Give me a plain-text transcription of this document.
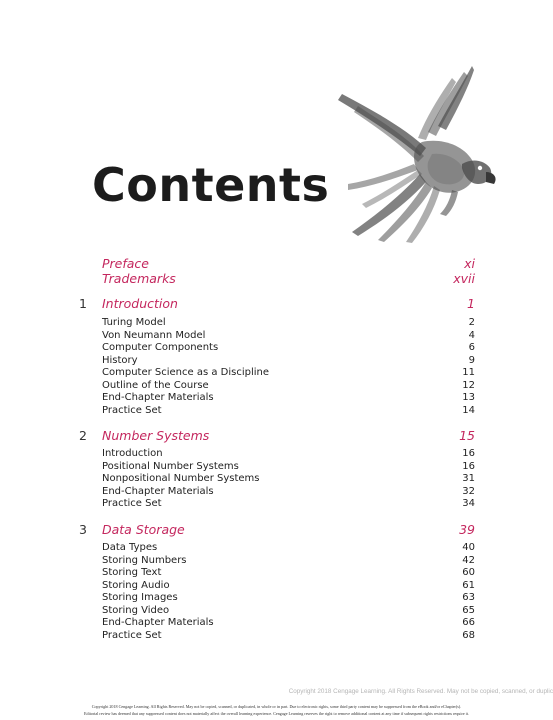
Contents
Preface	xi
Trademarks	xvii
1 Introduction	1
Turing Model	2
Von Neumann Model	4
Computer Components	6
History	9
Computer Science as a Discipline	11
Outline of the Course	12
End-Chapter Materials	13
Practice Set	14
2 Number Systems	15
Introduction	16
Positional Number Systems	16
Nonpositional Number Systems	31
End-Chapter Materials	32
Practice Set	34
3 Data Storage	39
Data Types	40
Storing Numbers	42
Storing Text	60
Storing Audio	61
Storing Images	63
Storing Video	65
End-Chapter Materials	66
Practice Set	68
Copyright 2018 Cengage Learning. All Rights Reserved. May not be copied, scanned, or duplic
Copyright 2018 Cengage Learning. All Rights Reserved. May not be copied, scanned, or duplicated, in whole or in part. Due to electronic rights, some third party content may be suppressed from the eBook and/or eChapter(s).
Editorial review has deemed that any suppressed content does not materially affect the overall learning experience. Cengage Learning reserves the right to remove additional content at any time if subsequent rights restrictions require it.
